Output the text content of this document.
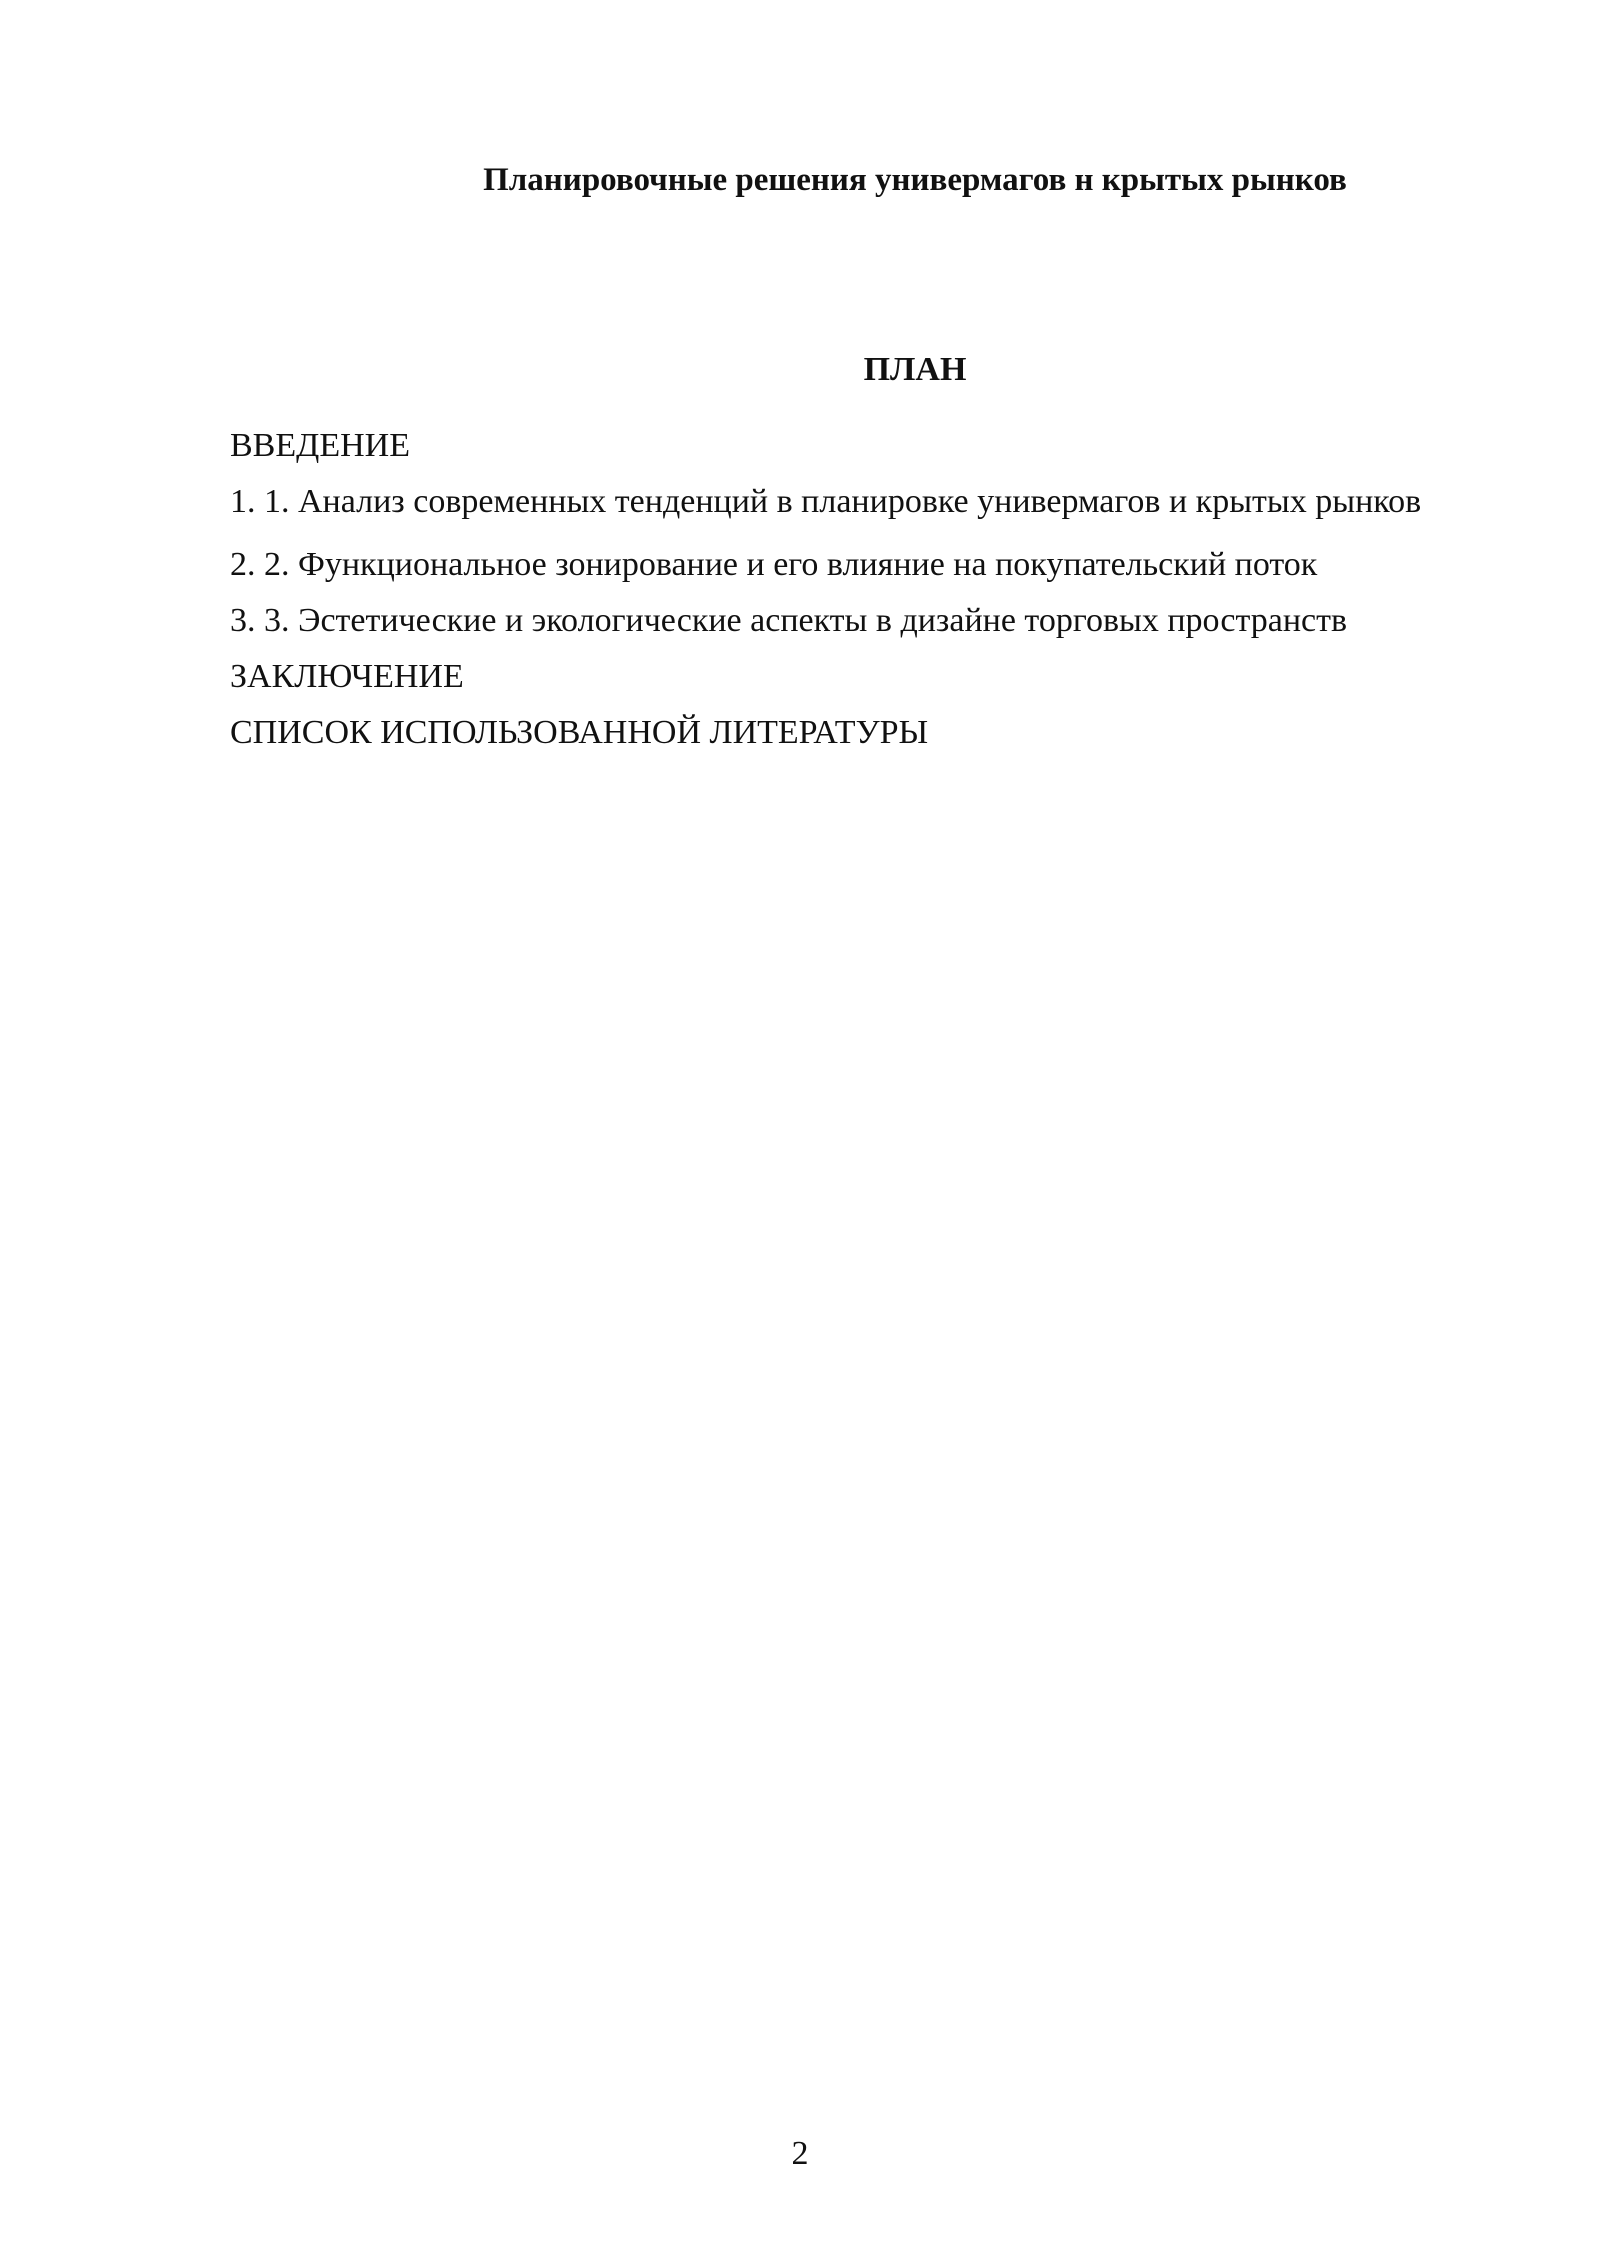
Планировочные решения универмагов н крытых рынков
ПЛАН
ВВЕДЕНИЕ
1. 1. Анализ современных тенденций в планировке универмагов и крытых рынков
2. 2. Функциональное зонирование и его влияние на покупательский поток
3. 3. Эстетические и экологические аспекты в дизайне торговых пространств
ЗАКЛЮЧЕНИЕ
СПИСОК ИСПОЛЬЗОВАННОЙ ЛИТЕРАТУРЫ
2
